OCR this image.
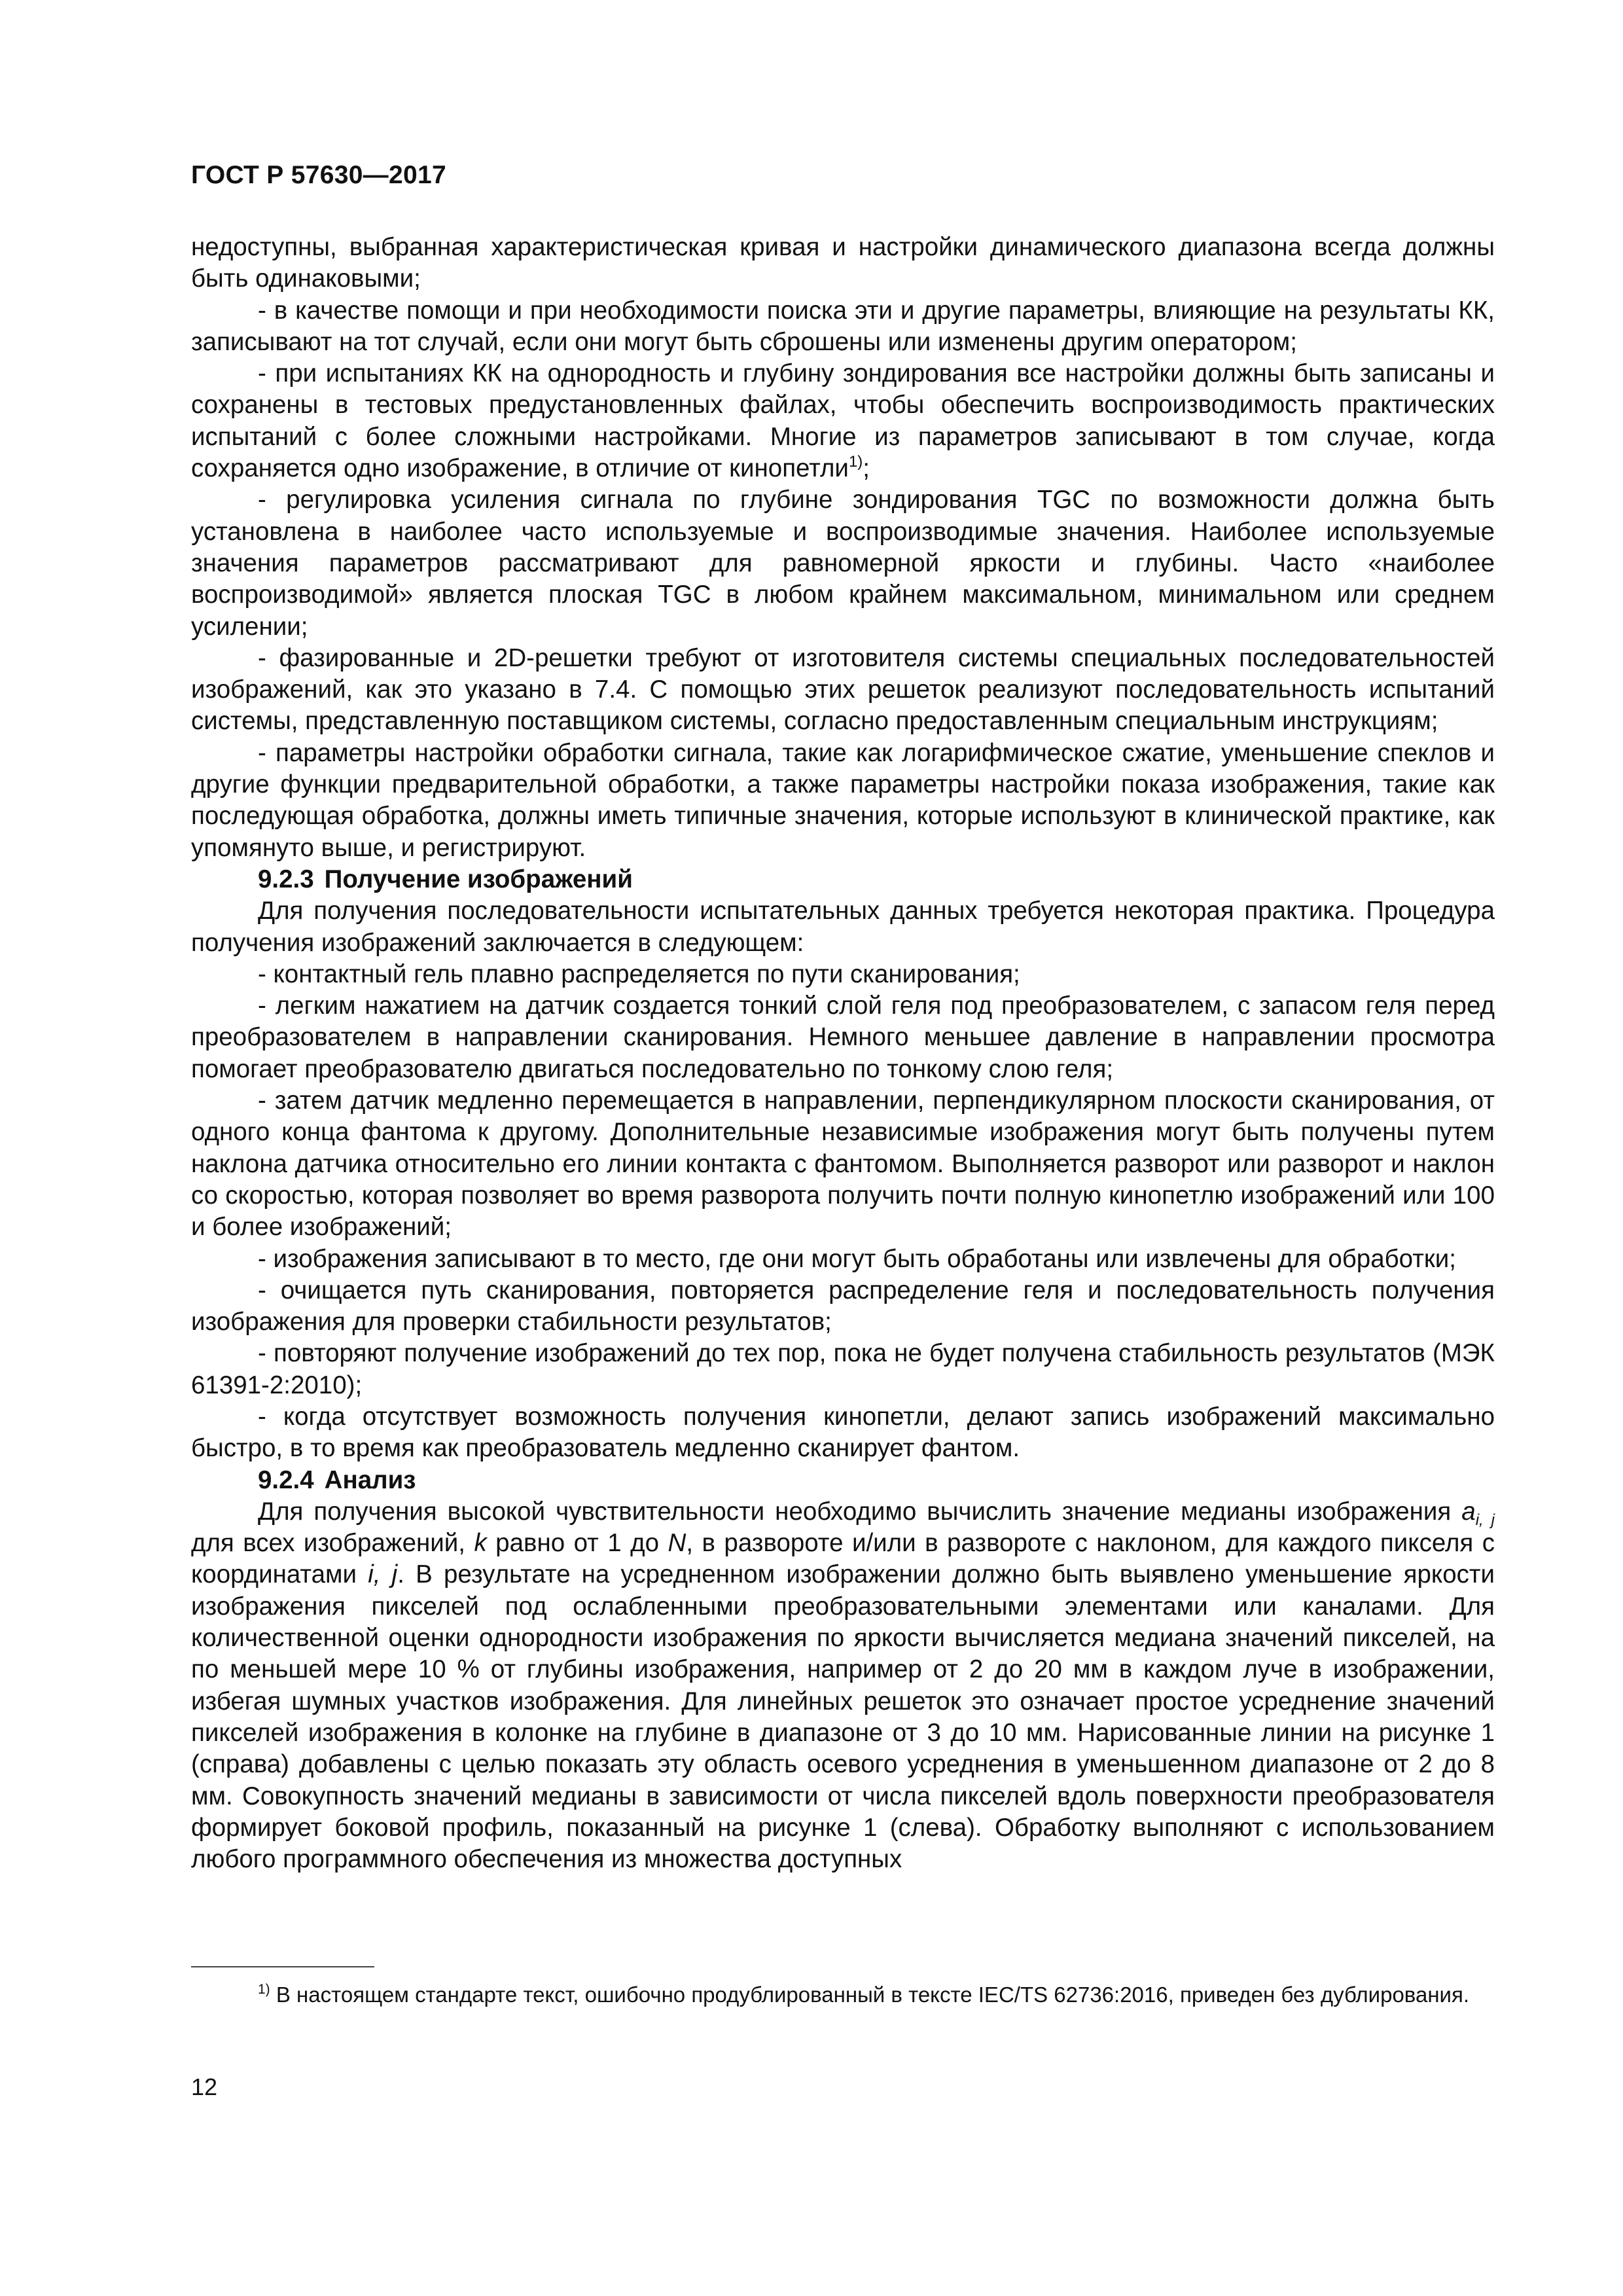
ГОСТ Р 57630—2017

недоступны, выбранная характеристическая кривая и настройки динамического диапазона всегда должны быть одинаковыми;

- в качестве помощи и при необходимости поиска эти и другие параметры, влияющие на результаты КК, записывают на тот случай, если они могут быть сброшены или изменены другим оператором;

- при испытаниях КК на однородность и глубину зондирования все настройки должны быть записаны и сохранены в тестовых предустановленных файлах, чтобы обеспечить воспроизводимость практических испытаний с более сложными настройками. Многие из параметров записывают в том случае, когда сохраняется одно изображение, в отличие от кинопетли$^{1)}$;

- регулировка усиления сигнала по глубине зондирования TGC по возможности должна быть установлена в наиболее часто используемые и воспроизводимые значения. Наиболее используемые значения параметров рассматривают для равномерной яркости и глубины. Часто «наиболее воспроизводимой» является плоская TGC в любом крайнем максимальном, минимальном или среднем усилении;

- фазированные и 2D-решетки требуют от изготовителя системы специальных последовательностей изображений, как это указано в 7.4. С помощью этих решеток реализуют последовательность испытаний системы, представленную поставщиком системы, согласно предоставленным специальным инструкциям;

- параметры настройки обработки сигнала, такие как логарифмическое сжатие, уменьшение спеклов и другие функции предварительной обработки, а также параметры настройки показа изображения, такие как последующая обработка, должны иметь типичные значения, которые используют в клинической практике, как упомянуто выше, и регистрируют.

9.2.3 Получение изображений

Для получения последовательности испытательных данных требуется некоторая практика. Процедура получения изображений заключается в следующем:

- контактный гель плавно распределяется по пути сканирования;

- легким нажатием на датчик создается тонкий слой геля под преобразователем, с запасом геля перед преобразователем в направлении сканирования. Немного меньшее давление в направлении просмотра помогает преобразователю двигаться последовательно по тонкому слою геля;

- затем датчик медленно перемещается в направлении, перпендикулярном плоскости сканирования, от одного конца фантома к другому. Дополнительные независимые изображения могут быть получены путем наклона датчика относительно его линии контакта с фантомом. Выполняется разворот или разворот и наклон со скоростью, которая позволяет во время разворота получить почти полную кинопетлю изображений или 100 и более изображений;

- изображения записывают в то место, где они могут быть обработаны или извлечены для обработки;

- очищается путь сканирования, повторяется распределение геля и последовательность получения изображения для проверки стабильности результатов;

- повторяют получение изображений до тех пор, пока не будет получена стабильность результатов (МЭК 61391-2:2010);

- когда отсутствует возможность получения кинопетли, делают запись изображений максимально быстро, в то время как преобразователь медленно сканирует фантом.

9.2.4 Анализ

Для получения высокой чувствительности необходимо вычислить значение медианы изображения $a_{i, j}$ для всех изображений, k равно от 1 до N, в развороте и/или в развороте с наклоном, для каждого пикселя с координатами i, j. В результате на усредненном изображении должно быть выявлено уменьшение яркости изображения пикселей под ослабленными преобразовательными элементами или каналами. Для количественной оценки однородности изображения по яркости вычисляется медиана значений пикселей, на по меньшей мере 10 % от глубины изображения, например от 2 до 20 мм в каждом луче в изображении, избегая шумных участков изображения. Для линейных решеток это означает простое усреднение значений пикселей изображения в колонке на глубине в диапазоне от 3 до 10 мм. Нарисованные линии на рисунке 1 (справа) добавлены с целью показать эту область осевого усреднения в уменьшенном диапазоне от 2 до 8 мм. Совокупность значений медианы в зависимости от числа пикселей вдоль поверхности преобразователя формирует боковой профиль, показанный на рисунке 1 (слева). Обработку выполняют с использованием любого программного обеспечения из множества доступных

$^{1)}$ В настоящем стандарте текст, ошибочно продублированный в тексте IEC/TS 62736:2016, приведен без дублирования.
12
